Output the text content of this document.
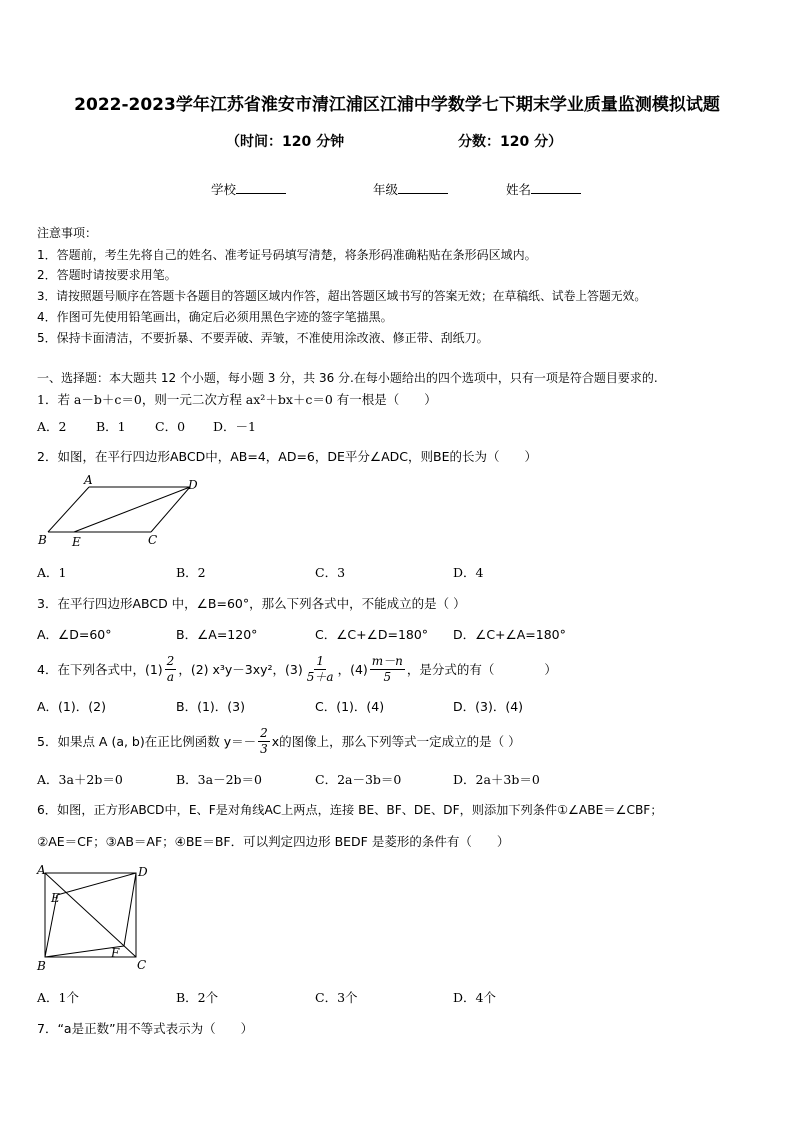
2022-2023学年江苏省淮安市清江浦区江浦中学数学七下期末学业质量监测模拟试题
（时间：120 分钟	分数：120 分）
学校	年级	姓名
注意事项：
1．答题前，考生先将自己的姓名、准考证号码填写清楚，将条形码准确粘贴在条形码区域内。
2．答题时请按要求用笔。
3．请按照题号顺序在答题卡各题目的答题区域内作答，超出答题区域书写的答案无效；在草稿纸、试卷上答题无效。
4．作图可先使用铅笔画出，确定后必须用黑色字迹的签字笔描黑。
5．保持卡面清洁，不要折暴、不要弄破、弄皱，不准使用涂改液、修正带、刮纸刀。
一、选择题：本大题共 12 个小题，每小题 3 分，共 36 分.在每小题给出的四个选项中，只有一项是符合题目要求的.
1．若 a－b＋c＝0，则一元二次方程 ax²＋bx＋c＝0 有一根是（　　）
A．2 B．1 C．0 D．－1
2．如图，在平行四边形ABCD中，AB=4，AD=6，DE平分∠ADC，则BE的长为（　　）
A	D
B E	C
A．1	B．2	C．3	D．4
3．在平行四边形ABCD 中，∠B=60°，那么下列各式中，不能成立的是（ ）
A．∠D=60°	B．∠A=120°	C．∠C+∠D=180° D．∠C+∠A=180°
4．在下列各式中，$(1) \frac{2}{a}$ ，(2) x³y－3xy²，$(3) \frac{1}{5+a}$ ，$(4) \frac{m-n}{5}$ ，是分式的有（　　　　）
A．(1)．(2)	B．(1)．(3)	C．(1)．(4)	D．(3)．(4)
5．如果点 A (a, b)在正比例函数 $y=- \frac{2}{3}$ x的图像上，那么下列等式一定成立的是（ ）
A．3a＋2b＝0	B．3a－2b＝0	C．2a－3b＝0	D．2a＋3b＝0
6．如图，正方形ABCD中，E、F是对角线AC上两点，连接 BE、BF、DE、DF，则添加下列条件①∠ABE＝∠CBF；
②AE＝CF；③AB＝AF；④BE＝BF．可以判定四边形 BEDF 是菱形的条件有（　　）
A	D
E
F
B	C
A．1个	B．2个	C．3个	D．4个
7．“a是正数”用不等式表示为（　　）
